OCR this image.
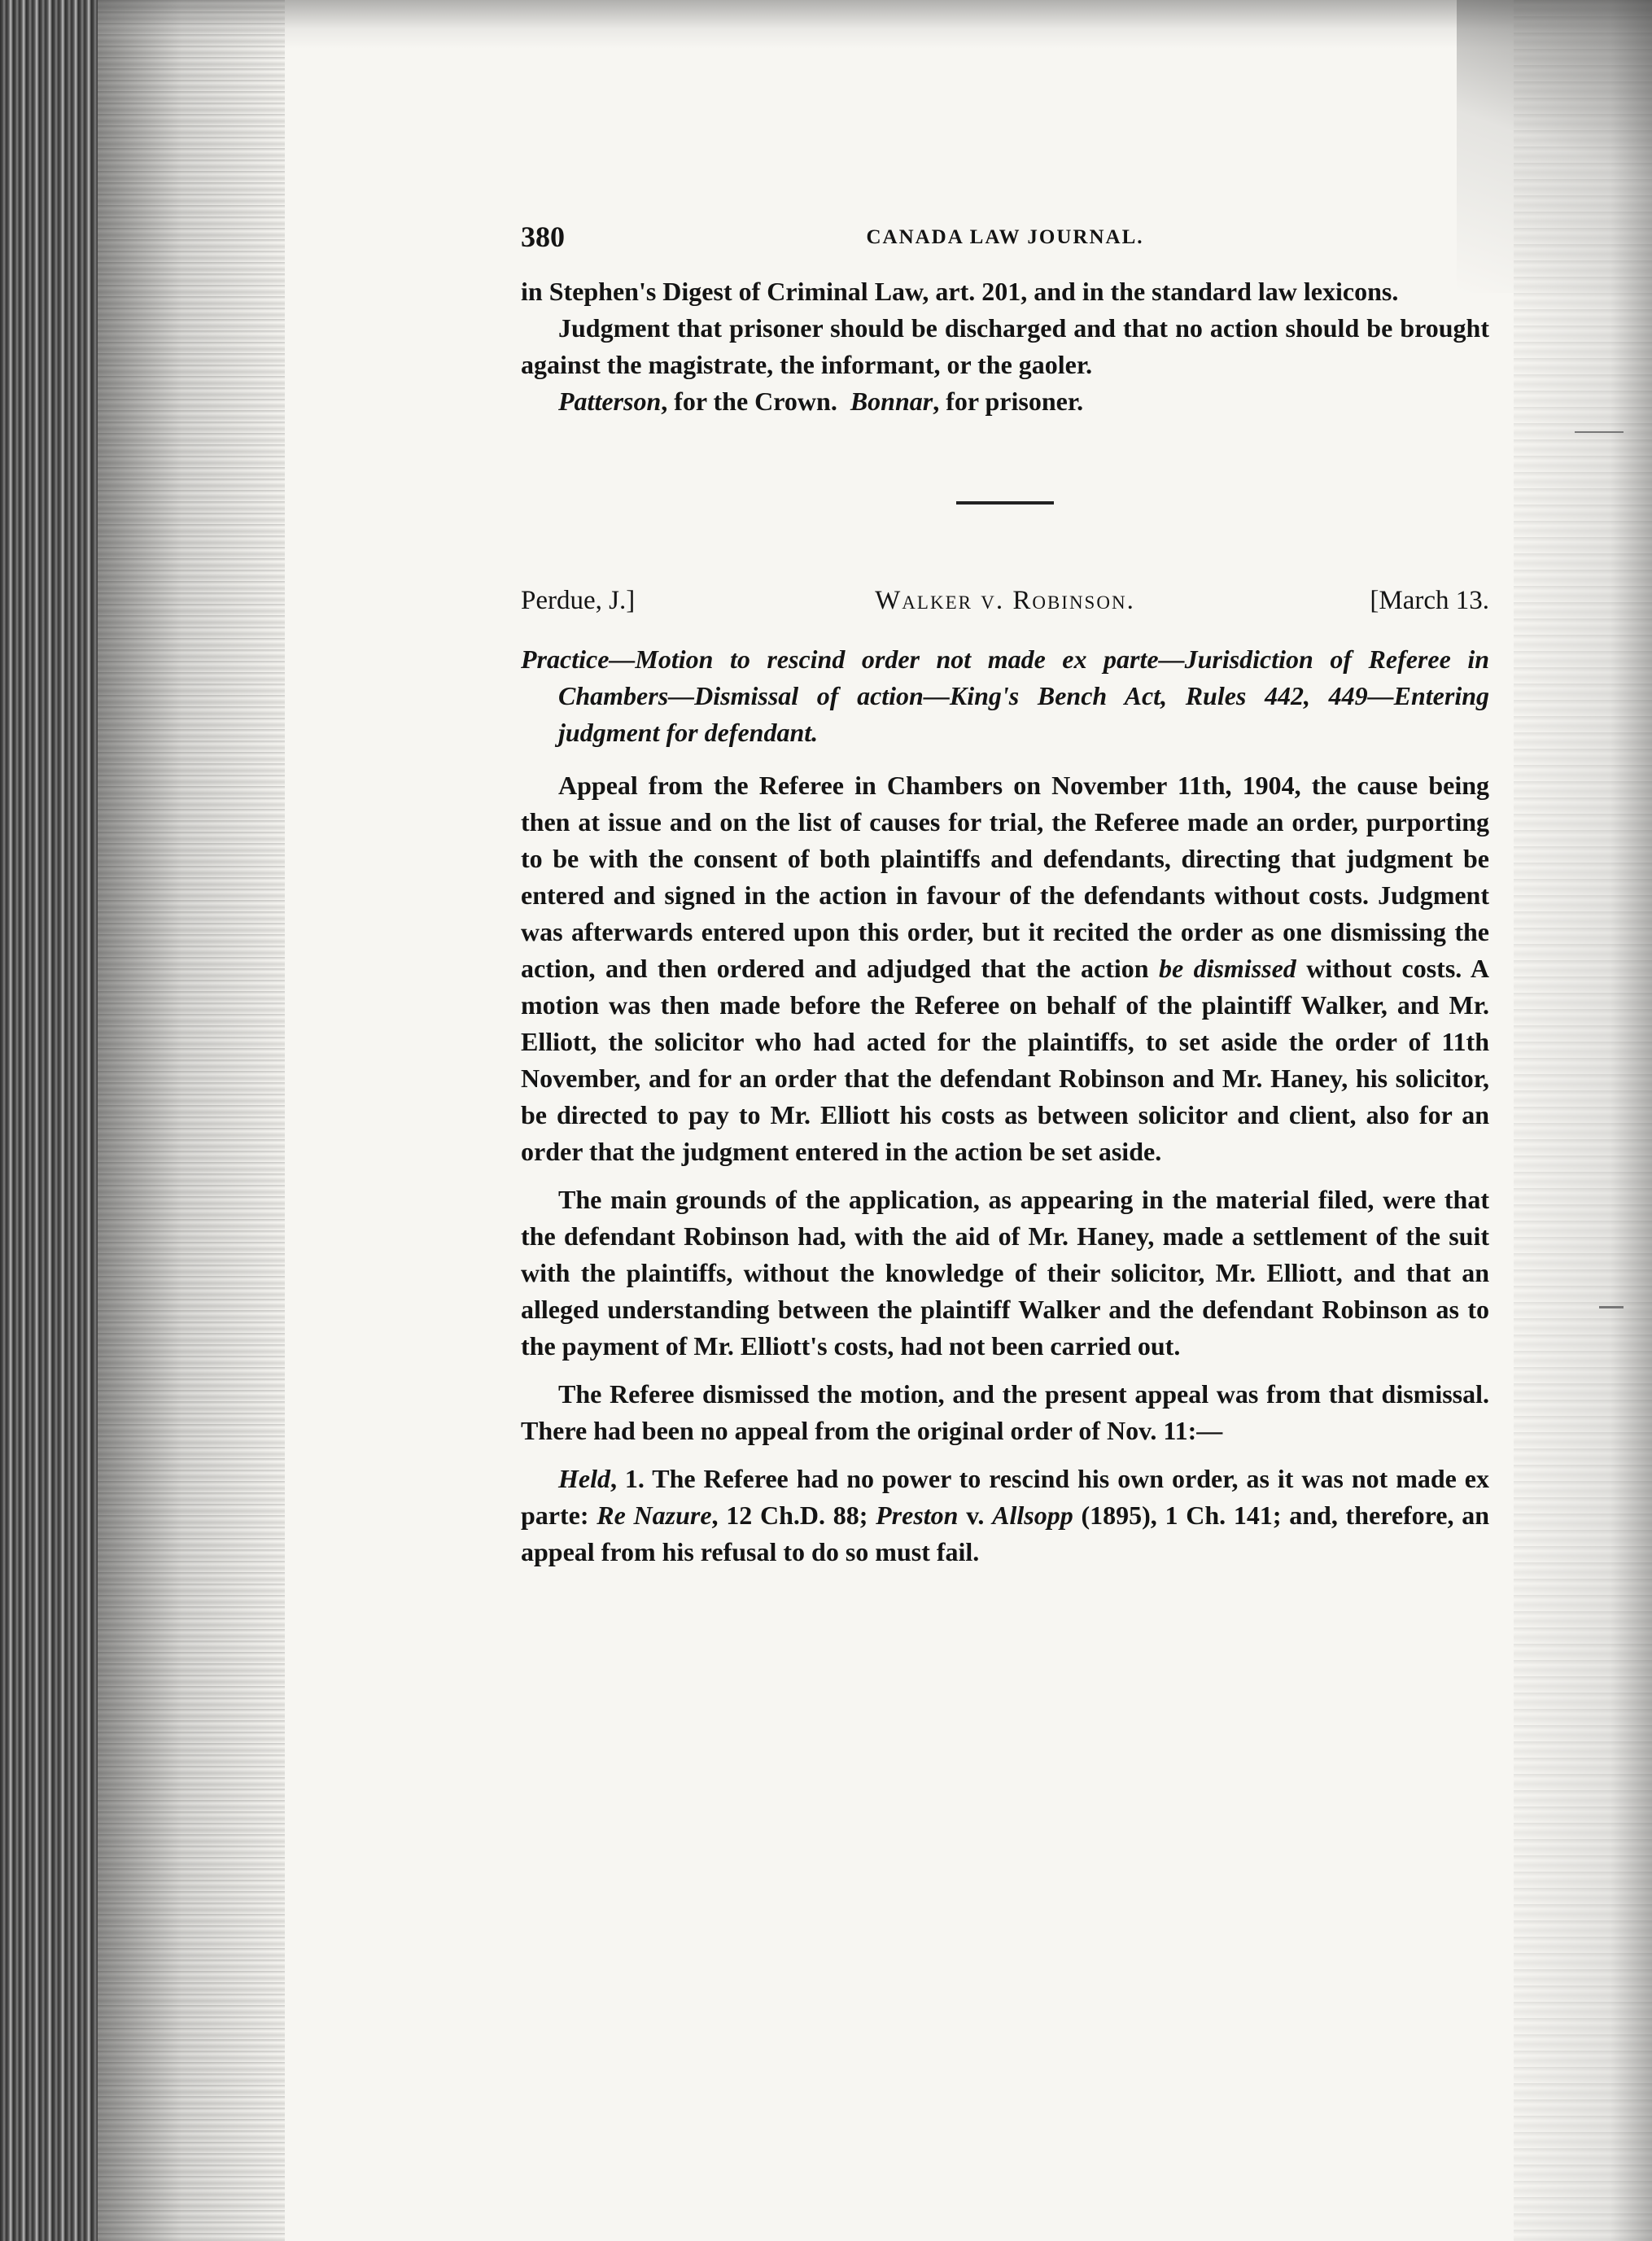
380	CANADA LAW JOURNAL.

in Stephen's Digest of Criminal Law, art. 201, and in the standard law lexicons.

Judgment that prisoner should be discharged and that no action should be brought against the magistrate, the informant, or the gaoler.

Patterson, for the Crown. Bonnar, for prisoner.

Perdue, J.]	Walker v. Robinson.	[March 13.

Practice—Motion to rescind order not made ex parte—Jurisdiction of Referee in Chambers—Dismissal of action—King's Bench Act, Rules 442, 449—Entering judgment for defendant.

Appeal from the Referee in Chambers on November 11th, 1904, the cause being then at issue and on the list of causes for trial, the Referee made an order, purporting to be with the consent of both plaintiffs and defendants, directing that judgment be entered and signed in the action in favour of the defendants without costs. Judgment was afterwards entered upon this order, but it recited the order as one dismissing the action, and then ordered and adjudged that the action be dismissed without costs. A motion was then made before the Referee on behalf of the plaintiff Walker, and Mr. Elliott, the solicitor who had acted for the plaintiffs, to set aside the order of 11th November, and for an order that the defendant Robinson and Mr. Haney, his solicitor, be directed to pay to Mr. Elliott his costs as between solicitor and client, also for an order that the judgment entered in the action be set aside.

The main grounds of the application, as appearing in the material filed, were that the defendant Robinson had, with the aid of Mr. Haney, made a settlement of the suit with the plaintiffs, without the knowledge of their solicitor, Mr. Elliott, and that an alleged understanding between the plaintiff Walker and the defendant Robinson as to the payment of Mr. Elliott's costs, had not been carried out.

The Referee dismissed the motion, and the present appeal was from that dismissal. There had been no appeal from the original order of Nov. 11:—

Held, 1. The Referee had no power to rescind his own order, as it was not made ex parte: Re Nazure, 12 Ch.D. 88; Preston v. Allsopp (1895), 1 Ch. 141; and, therefore, an appeal from his refusal to do so must fail.
